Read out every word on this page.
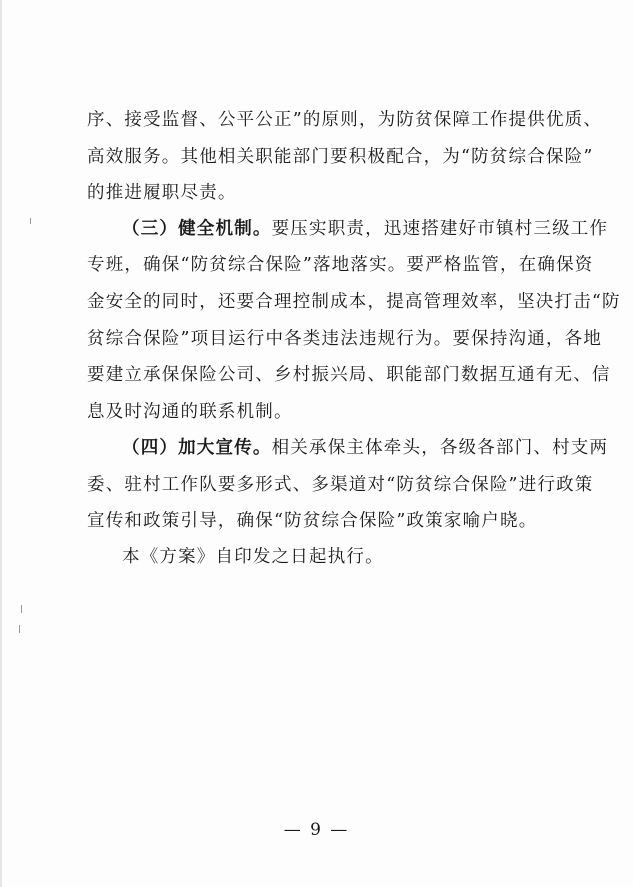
序、接受监督、公平公正”的原则，为防贫保障工作提供优质、
高效服务。其他相关职能部门要积极配合，为“防贫综合保险”
的推进履职尽责。
（三）健全机制。要压实职责，迅速搭建好市镇村三级工作
专班，确保“防贫综合保险”落地落实。要严格监管，在确保资
金安全的同时，还要合理控制成本，提高管理效率，坚决打击“防
贫综合保险”项目运行中各类违法违规行为。要保持沟通，各地
要建立承保保险公司、乡村振兴局、职能部门数据互通有无、信
息及时沟通的联系机制。
（四）加大宣传。相关承保主体牵头，各级各部门、村支两
委、驻村工作队要多形式、多渠道对“防贫综合保险”进行政策
宣传和政策引导，确保“防贫综合保险”政策家喻户晓。
本《方案》自印发之日起执行。
— 9 —
